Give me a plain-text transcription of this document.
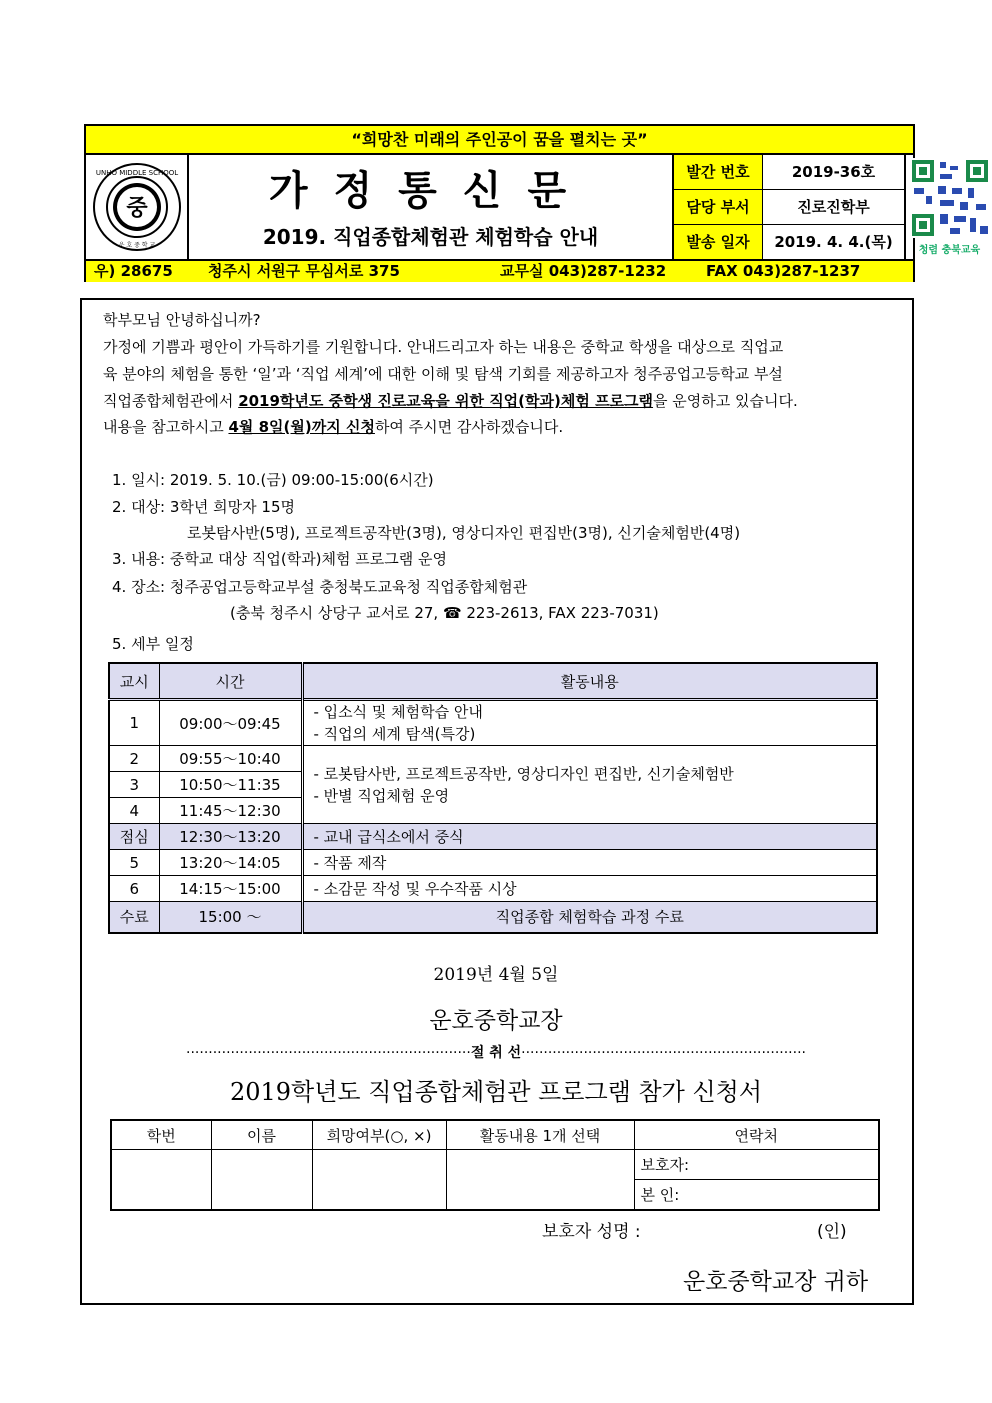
“희망찬 미래의 주인공이 꿈을 펼치는 곳”
UNHO MIDDLE SCHOOL
중
운 호 중 학 교
가정통신문
2019. 직업종합체험관 체험학습 안내
발간 번호	2019-36호
담당 부서	진로진학부
발송 일자	2019. 4. 4.(목)	청렴 충북교육
우) 28675 청주시 서원구 무심서로 375	교무실 043)287-1232	FAX 043)287-1237
학부모님 안녕하십니까?
가정에 기쁨과 평안이 가득하기를 기원합니다. 안내드리고자 하는 내용은 중학교 학생을 대상으로 직업교
육 분야의 체험을 통한 ‘일’과 ‘직업 세계’에 대한 이해 및 탐색 기회를 제공하고자 청주공업고등학교 부설
직업종합체험관에서 2019학년도 중학생 진로교육을 위한 직업(학과)체험 프로그램을 운영하고 있습니다.
내용을 참고하시고 4월 8일(월)까지 신청하여 주시면 감사하겠습니다.
1. 일시: 2019. 5. 10.(금) 09:00-15:00(6시간)
2. 대상: 3학년 희망자 15명
로봇탐사반(5명), 프로젝트공작반(3명), 영상디자인 편집반(3명), 신기술체험반(4명)
3. 내용: 중학교 대상 직업(학과)체험 프로그램 운영
4. 장소: 청주공업고등학교부설 충청북도교육청 직업종합체험관
(충북 청주시 상당구 교서로 27, ☎ 223-2613, FAX 223-7031)
5. 세부 일정
교시	시간	활동내용
1	09:00～09:45	- 입소식 및 체험학습 안내
- 직업의 세계 탐색(특강)

2	09:55～10:40	- 로봇탐사반, 프로젝트공작반, 영상디자인 편집반, 신기술체험반
- 반별 직업체험 운영

3	10:50～11:35	
4	11:45～12:30	
점심	12:30～13:20	- 교내 급식소에서 중식
5	13:20～14:05	- 작품 제작
6	14:15～15:00	- 소감문 작성 및 우수작품 시상
수료	15:00 ～	직업종합 체험학습 과정 수료
2019년 4월 5일
운호중학교장
································································절 취 선································································
2019학년도 직업종합체험관 프로그램 참가 신청서
학번	이름	희망여부(○, ×)	활동내용 1개 선택	연락처
				보호자:
				본 인:
보호자 성명 :	(인)
운호중학교장 귀하
